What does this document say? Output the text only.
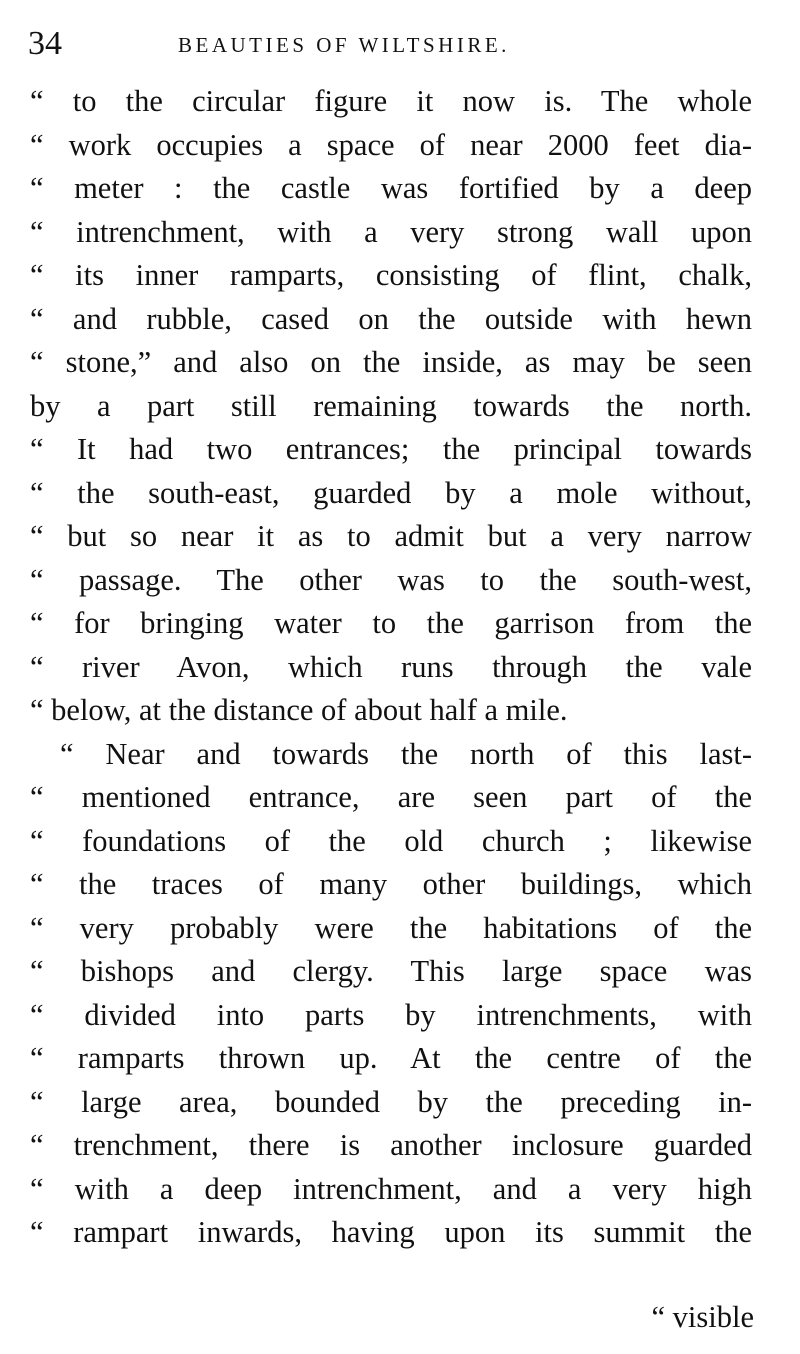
34	BEAUTIES OF WILTSHIRE.
“ to the circular figure it now is. The whole
“ work occupies a space of near 2000 feet dia-
“ meter : the castle was fortified by a deep
“ intrenchment, with a very strong wall upon
“ its inner ramparts, consisting of flint, chalk,
“ and rubble, cased on the outside with hewn
“ stone,” and also on the inside, as may be seen
by a part still remaining towards the north.
“ It had two entrances; the principal towards
“ the south-east, guarded by a mole without,
“ but so near it as to admit but a very narrow
“ passage. The other was to the south-west,
“ for bringing water to the garrison from the
“ river Avon, which runs through the vale
“ below, at the distance of about half a mile.
“ Near and towards the north of this last-
“ mentioned entrance, are seen part of the
“ foundations of the old church ; likewise
“ the traces of many other buildings, which
“ very probably were the habitations of the
“ bishops and clergy. This large space was
“ divided into parts by intrenchments, with
“ ramparts thrown up. At the centre of the
“ large area, bounded by the preceding in-
“ trenchment, there is another inclosure guarded
“ with a deep intrenchment, and a very high
“ rampart inwards, having upon its summit the
“ visible
